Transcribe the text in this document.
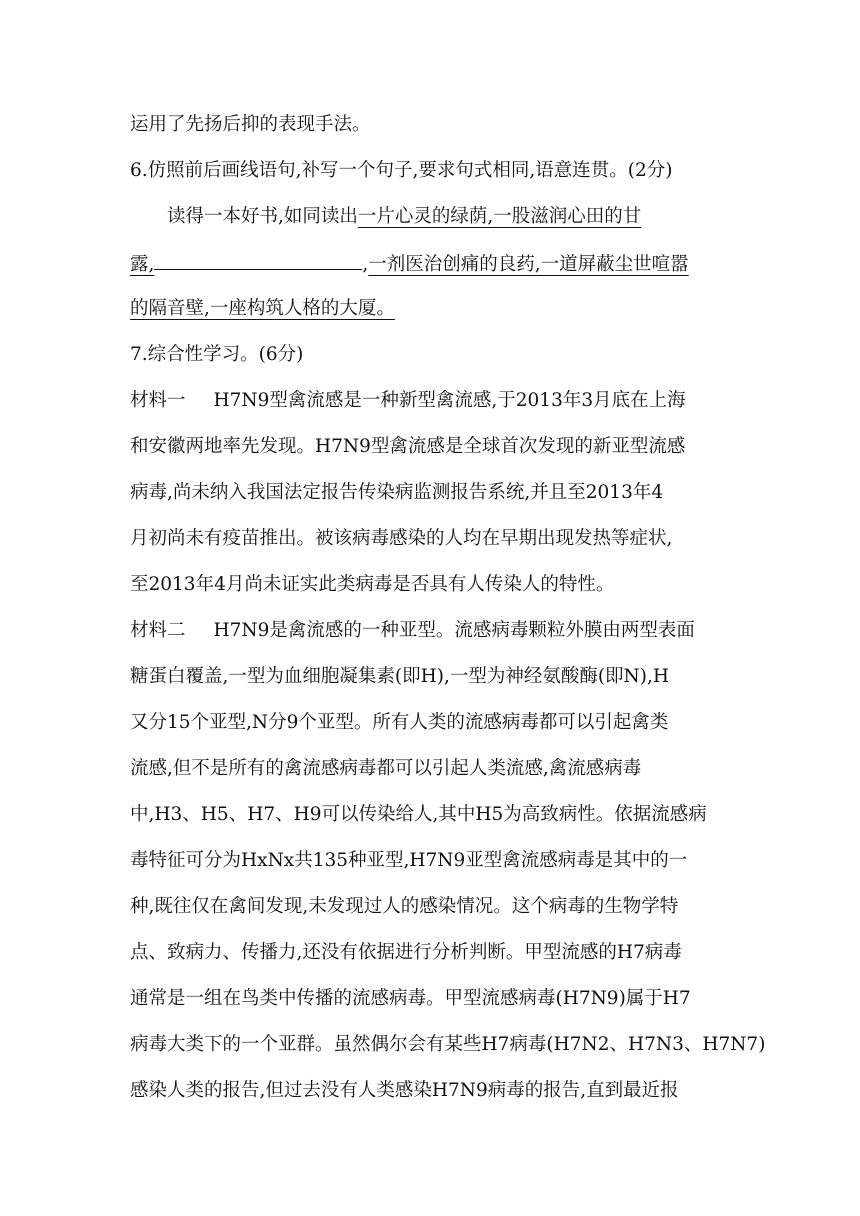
运用了先扬后抑的表现手法。
6.仿照前后画线语句,补写一个句子,要求句式相同,语意连贯。(2分)
读得一本好书,如同读出一片心灵的绿荫,一股滋润心田的甘
露,	,一剂医治创痛的良药,一道屏蔽尘世喧嚣
的隔音壁,一座构筑人格的大厦。
7.综合性学习。(6分)
材料一 H7N9型禽流感是一种新型禽流感,于2013年3月底在上海
和安徽两地率先发现。H7N9型禽流感是全球首次发现的新亚型流感
病毒,尚未纳入我国法定报告传染病监测报告系统,并且至2013年4
月初尚未有疫苗推出。被该病毒感染的人均在早期出现发热等症状,
至2013年4月尚未证实此类病毒是否具有人传染人的特性。
材料二 H7N9是禽流感的一种亚型。流感病毒颗粒外膜由两型表面
糖蛋白覆盖,一型为血细胞凝集素(即H),一型为神经氨酸酶(即N),H
又分15个亚型,N分9个亚型。所有人类的流感病毒都可以引起禽类
流感,但不是所有的禽流感病毒都可以引起人类流感,禽流感病毒
中,H3、H5、H7、H9可以传染给人,其中H5为高致病性。依据流感病
毒特征可分为HxNx共135种亚型,H7N9亚型禽流感病毒是其中的一
种,既往仅在禽间发现,未发现过人的感染情况。这个病毒的生物学特
点、致病力、传播力,还没有依据进行分析判断。甲型流感的H7病毒
通常是一组在鸟类中传播的流感病毒。甲型流感病毒(H7N9)属于H7
病毒大类下的一个亚群。虽然偶尔会有某些H7病毒(H7N2、H7N3、H7N7)
感染人类的报告,但过去没有人类感染H7N9病毒的报告,直到最近报
